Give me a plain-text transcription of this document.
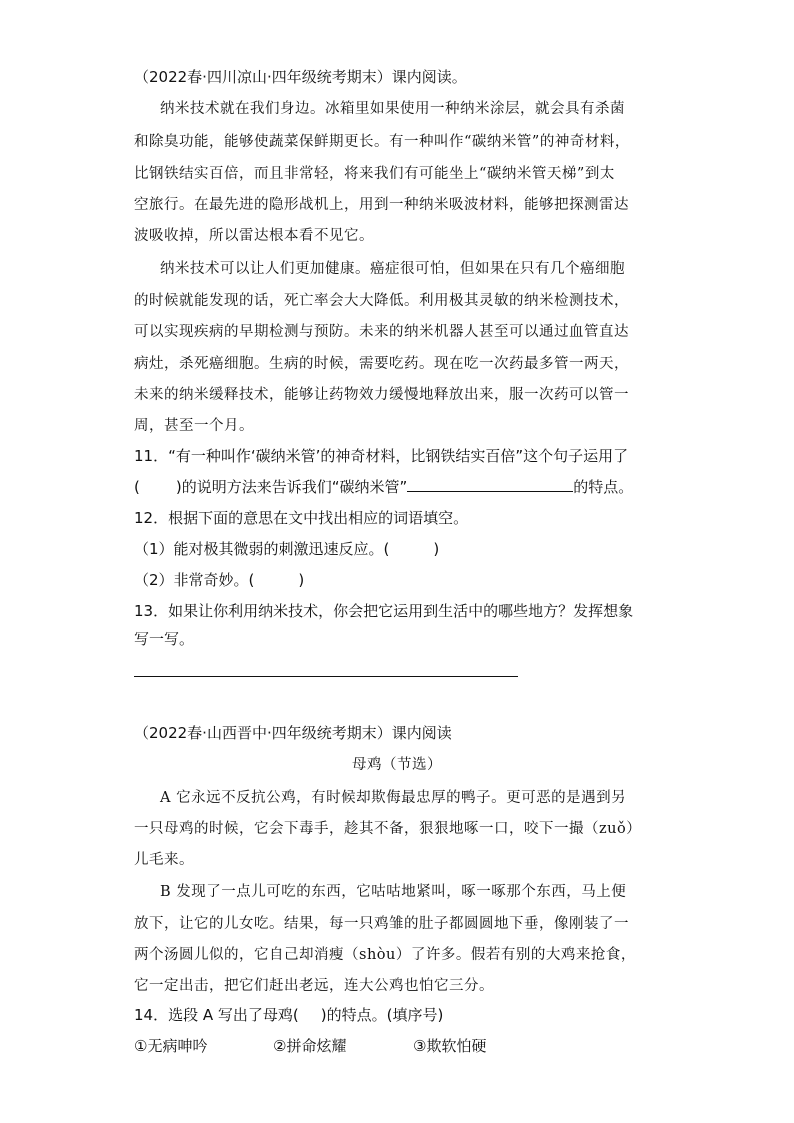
（2022春·四川凉山·四年级统考期末）课内阅读。
纳米技术就在我们身边。冰箱里如果使用一种纳米涂层，就会具有杀菌
和除臭功能，能够使蔬菜保鲜期更长。有一种叫作“碳纳米管”的神奇材料，
比钢铁结实百倍，而且非常轻，将来我们有可能坐上“碳纳米管天梯”到太
空旅行。在最先进的隐形战机上，用到一种纳米吸波材料，能够把探测雷达
波吸收掉，所以雷达根本看不见它。
纳米技术可以让人们更加健康。癌症很可怕，但如果在只有几个癌细胞
的时候就能发现的话，死亡率会大大降低。利用极其灵敏的纳米检测技术，
可以实现疾病的早期检测与预防。未来的纳米机器人甚至可以通过血管直达
病灶，杀死癌细胞。生病的时候，需要吃药。现在吃一次药最多管一两天，
未来的纳米缓释技术，能够让药物效力缓慢地释放出来，服一次药可以管一
周，甚至一个月。
11．“有一种叫作‘碳纳米管’的神奇材料，比钢铁结实百倍”这个句子运用了
( )的说明方法来告诉我们“碳纳米管”	的特点。
12．根据下面的意思在文中找出相应的词语填空。
（1）能对极其微弱的刺激迅速反应。(	)
（2）非常奇妙。(	)
13．如果让你利用纳米技术，你会把它运用到生活中的哪些地方？发挥想象
写一写。
（2022春·山西晋中·四年级统考期末）课内阅读
母鸡（节选）
A 它永远不反抗公鸡，有时候却欺侮最忠厚的鸭子。更可恶的是遇到另
一只母鸡的时候，它会下毒手，趁其不备，狠狠地啄一口，咬下一撮（zuǒ）
儿毛来。
B 发现了一点儿可吃的东西，它咕咕地紧叫，啄一啄那个东西，马上便
放下，让它的儿女吃。结果，每一只鸡雏的肚子都圆圆地下垂，像刚装了一
两个汤圆儿似的，它自己却消瘦（shòu）了许多。假若有别的大鸡来抢食，
它一定出击，把它们赶出老远，连大公鸡也怕它三分。
14．选段 A 写出了母鸡( )的特点。(填序号)
①无病呻吟	②拼命炫耀	③欺软怕硬
